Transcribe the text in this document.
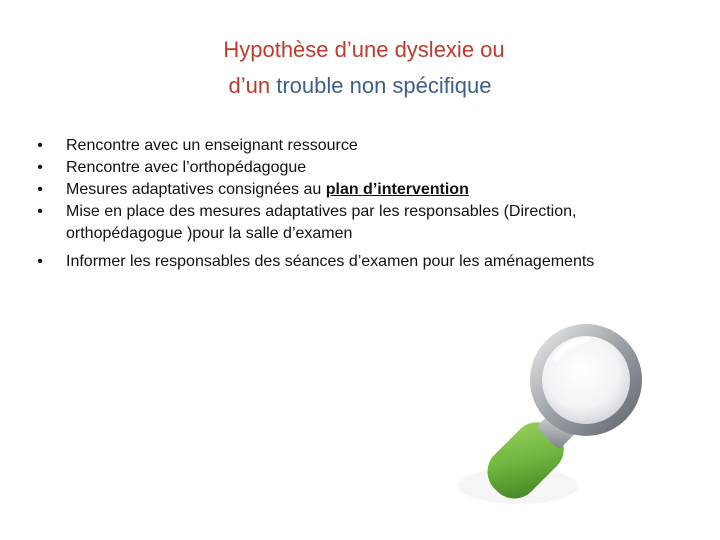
Hypothèse d’une dyslexie ou
d’un trouble non spécifique
• Rencontre avec un enseignant ressource
• Rencontre avec l’orthopédagogue
• Mesures adaptatives consignées au plan d’intervention
• Mise en place des mesures adaptatives par les responsables (Direction, orthopédagogue )pour la salle d’examen
• Informer les responsables des séances d’examen pour les aménagements
